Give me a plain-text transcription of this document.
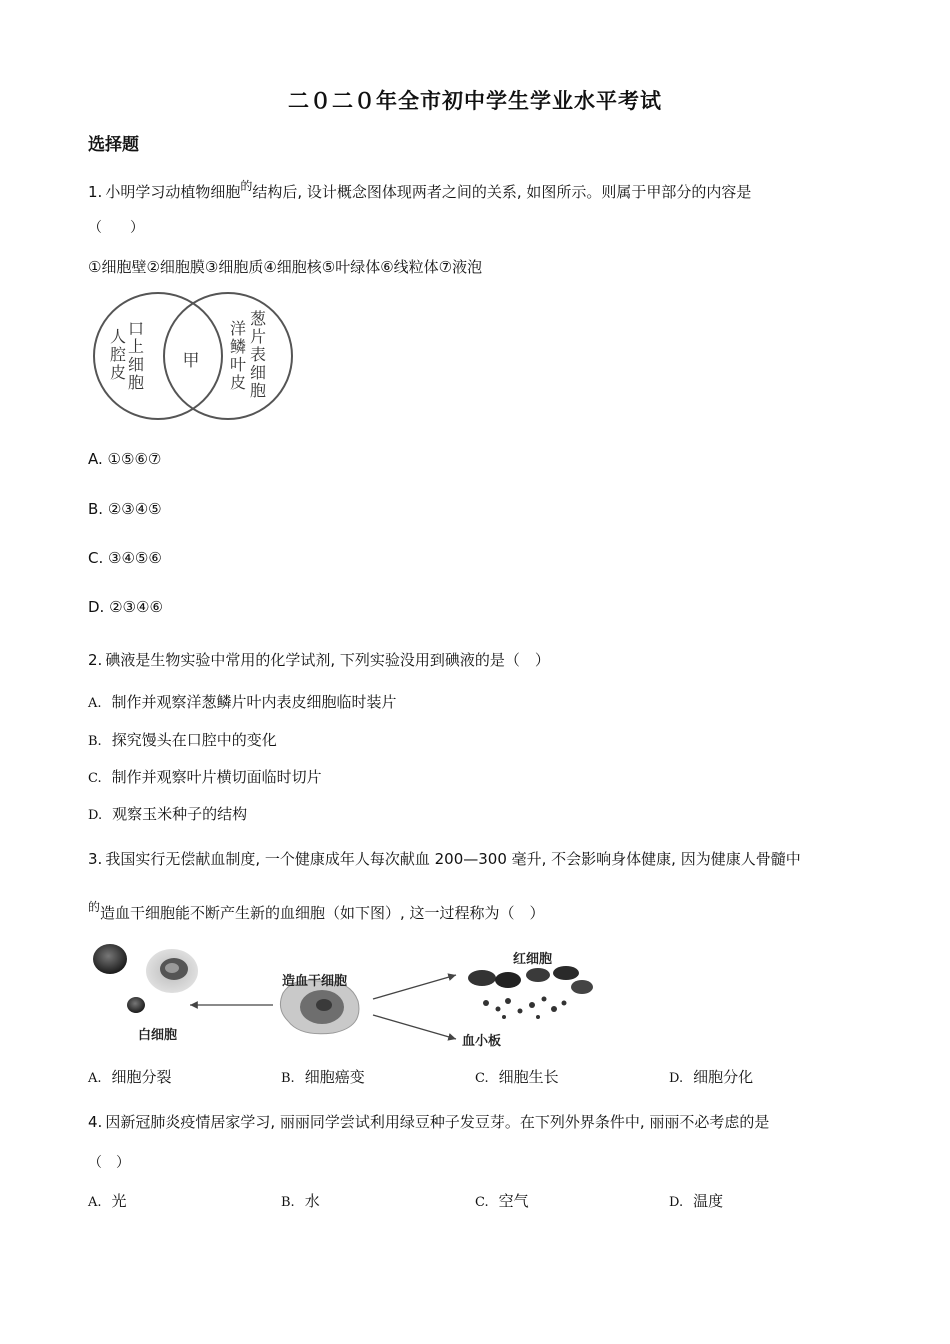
二０二０年全市初中学生学业水平考试
选择题
1. 小明学习动植物细胞$^的$结构后, 设计概念图体现两者之间的关系, 如图所示。则属于甲部分的内容是
（　　）
①细胞壁②细胞膜③细胞质④细胞核⑤叶绿体⑥线粒体⑦液泡
甲
人
腔
皮
口
上
细
胞
洋
鳞
叶
皮
葱
片
表
细
胞
A. ①⑤⑥⑦
B. ②③④⑤
C. ③④⑤⑥
D. ②③④⑥
2. 碘液是生物实验中常用的化学试剂, 下列实验没用到碘液的是（　）
A. 制作并观察洋葱鳞片叶内表皮细胞临时装片
B. 探究馒头在口腔中的变化
C. 制作并观察叶片横切面临时切片
D. 观察玉米种子的结构
3. 我国实行无偿献血制度, 一个健康成年人每次献血 200—300 毫升, 不会影响身体健康, 因为健康人骨髓中
$^的$造血干细胞能不断产生新的血细胞（如下图）, 这一过程称为（　）
白细胞
造血干细胞
红细胞
血小板
A. 细胞分裂	B. 细胞癌变	C. 细胞生长	D. 细胞分化
4. 因新冠肺炎疫情居家学习, 丽丽同学尝试利用绿豆种子发豆芽。在下列外界条件中, 丽丽不必考虑的是
（　）
A. 光	B. 水	C. 空气	D. 温度
